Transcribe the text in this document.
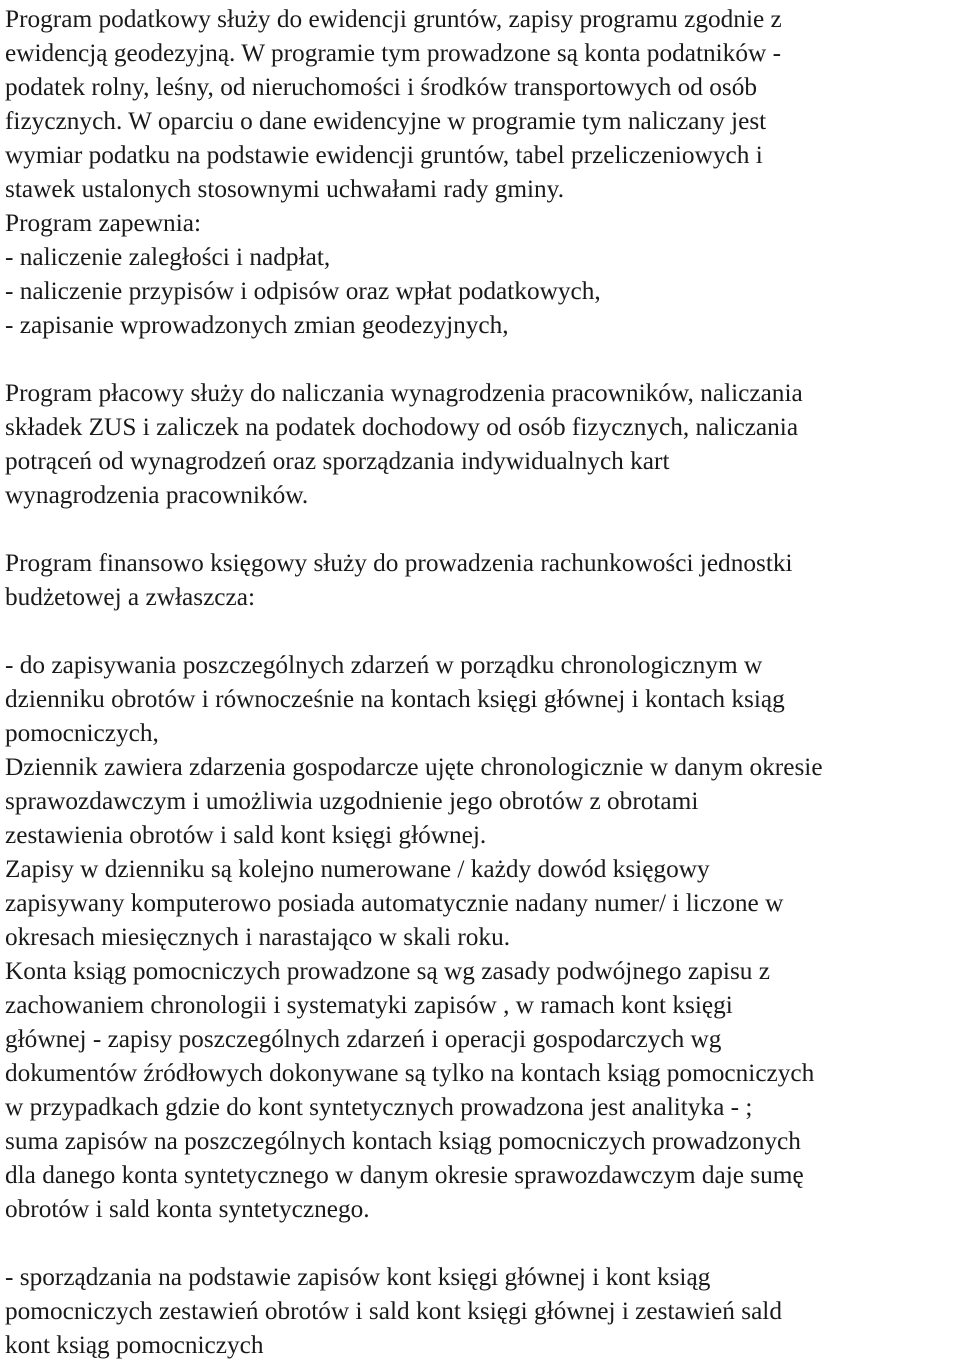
Program podatkowy służy do ewidencji gruntów, zapisy programu zgodnie z
ewidencją geodezyjną. W programie tym prowadzone są konta podatników -
podatek rolny, leśny, od nieruchomości i środków transportowych od osób
fizycznych. W oparciu o dane ewidencyjne w programie tym naliczany jest
wymiar podatku na podstawie ewidencji gruntów, tabel przeliczeniowych i
stawek ustalonych stosownymi uchwałami rady gminy.
Program zapewnia:
- naliczenie zaległości i nadpłat,
- naliczenie przypisów i odpisów oraz wpłat podatkowych,
- zapisanie wprowadzonych zmian geodezyjnych,
Program płacowy służy do naliczania wynagrodzenia pracowników, naliczania
składek ZUS i zaliczek na podatek dochodowy od osób fizycznych, naliczania
potrąceń od wynagrodzeń oraz sporządzania indywidualnych kart
wynagrodzenia pracowników.
Program finansowo księgowy służy do prowadzenia rachunkowości jednostki
budżetowej a zwłaszcza:
- do zapisywania poszczególnych zdarzeń w porządku chronologicznym w
dzienniku obrotów i równocześnie na kontach księgi głównej i kontach ksiąg
pomocniczych,
Dziennik zawiera zdarzenia gospodarcze ujęte chronologicznie w danym okresie
sprawozdawczym i umożliwia uzgodnienie jego obrotów z obrotami
zestawienia obrotów i sald kont księgi głównej.
Zapisy w dzienniku są kolejno numerowane / każdy dowód księgowy
zapisywany komputerowo posiada automatycznie nadany numer/ i liczone w
okresach miesięcznych i narastająco w skali roku.
Konta ksiąg pomocniczych prowadzone są wg zasady podwójnego zapisu z
zachowaniem chronologii i systematyki zapisów , w ramach kont księgi
głównej - zapisy poszczególnych zdarzeń i operacji gospodarczych wg
dokumentów źródłowych dokonywane są tylko na kontach ksiąg pomocniczych
w przypadkach gdzie do kont syntetycznych prowadzona jest analityka - ;
suma zapisów na poszczególnych kontach ksiąg pomocniczych prowadzonych
dla danego konta syntetycznego w danym okresie sprawozdawczym daje sumę
obrotów i sald konta syntetycznego.
- sporządzania na podstawie zapisów kont księgi głównej i kont ksiąg
pomocniczych zestawień obrotów i sald kont księgi głównej i zestawień sald
kont ksiąg pomocniczych
